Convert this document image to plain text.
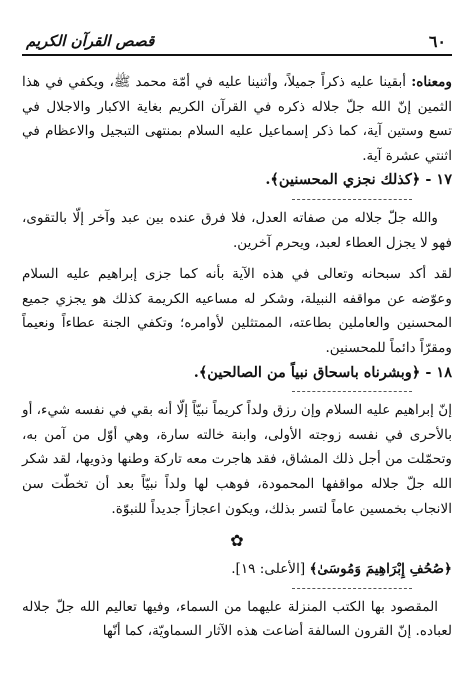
٦٠
قصص القرآن الكريم

ومعناه: أبقينا عليه ذكراً جميلاً، وأثنينا عليه في أمّة محمد ﷺ، ويكفي في هذا الثمين إنّ الله جلّ جلاله ذكره في القرآن الكريم بغاية الاكبار والاجلال في تسع وستين آية، كما ذكر إسماعيل عليه السلام بمنتهى التبجيل والاعظام في اثنتي عشرة آية.

١٧ - ﴿كذلك نجزي المحسنين﴾.

والله جلّ جلاله من صفاته العدل، فلا فرق عنده بين عبد وآخر إلّا بالتقوى، فهو لا يجزل العطاء لعبد، ويحرم آخرين.

لقد أكد سبحانه وتعالى في هذه الآية بأنه كما جزى إبراهيم عليه السلام وعوّضه عن مواقفه النبيلة، وشكر له مساعيه الكريمة كذلك هو يجزي جميع المحسنين والعاملين بطاعته، الممتثلين لأوامره؛ وتكفي الجنة عطاءاً ونعيماً ومقرّاً دائماً للمحسنين.

١٨ - ﴿وبشرناه باسحاق نبياً من الصالحين﴾.

إنّ إبراهيم عليه السلام وإن رزق ولداً كريماً نبيّاً إلّا أنه بقي في نفسه شيء، أو بالأحرى في نفسه زوجته الأولى، وابنة خالته سارة، وهي أوّل من آمن به، وتحمّلت من أجل ذلك المشاق، فقد هاجرت معه تاركة وطنها وذويها، لقد شكر الله جلّ جلاله مواقفها المحمودة، فوهب لها ولداً نبيّاً بعد أن تخطّت سن الانجاب بخمسين عاماً لتسر بذلك، ويكون اعجازاً جديداً للنبوّة.

✿

﴿صُحُفِ إِبْرَاهِيمَ وَمُوسَىٰ﴾ [الأعلى: ١٩].

المقصود بها الكتب المنزلة عليهما من السماء، وفيها تعاليم الله جلّ جلاله لعباده. إنّ القرون السالفة أضاعت هذه الآثار السماويّة، كما أنّها
